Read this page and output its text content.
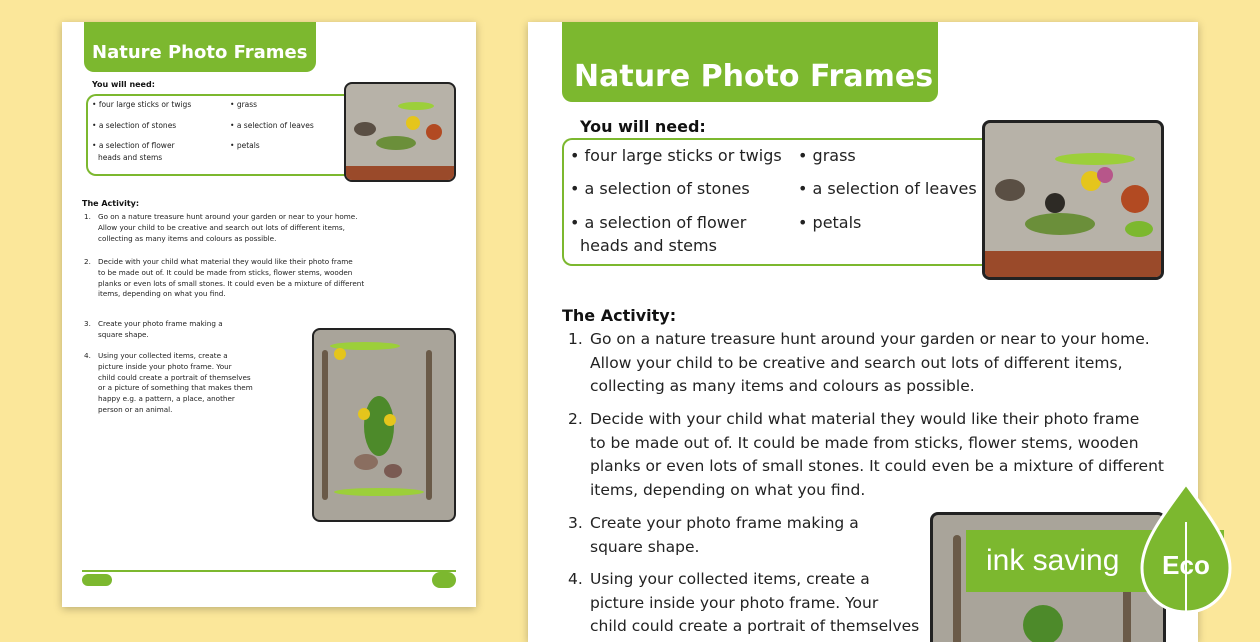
Nature Photo Frames
You will need:
• four large sticks or twigs
• a selection of stones
• a selection of flower
heads and stems
• grass
• a selection of leaves
• petals
The Activity:
1. Go on a nature treasure hunt around your garden or near to your home.
Allow your child to be creative and search out lots of different items,
collecting as many items and colours as possible.
2. Decide with your child what material they would like their photo frame
to be made out of. It could be made from sticks, flower stems, wooden
planks or even lots of small stones. It could even be a mixture of different
items, depending on what you find.
3. Create your photo frame making a
square shape.
4. Using your collected items, create a
picture inside your photo frame. Your
child could create a portrait of themselves
or a picture of something that makes them
happy e.g. a pattern, a place, another
person or an animal.
Nature Photo Frames
You will need:
• four large sticks or twigs
• a selection of stones
• a selection of flower
heads and stems
• grass
• a selection of leaves
• petals
The Activity:
1. Go on a nature treasure hunt around your garden or near to your home.
Allow your child to be creative and search out lots of different items,
collecting as many items and colours as possible.
2. Decide with your child what material they would like their photo frame
to be made out of. It could be made from sticks, flower stems, wooden
planks or even lots of small stones. It could even be a mixture of different
items, depending on what you find.
3. Create your photo frame making a
square shape.
4. Using your collected items, create a
picture inside your photo frame. Your
child could create a portrait of themselves
ink saving Eco
